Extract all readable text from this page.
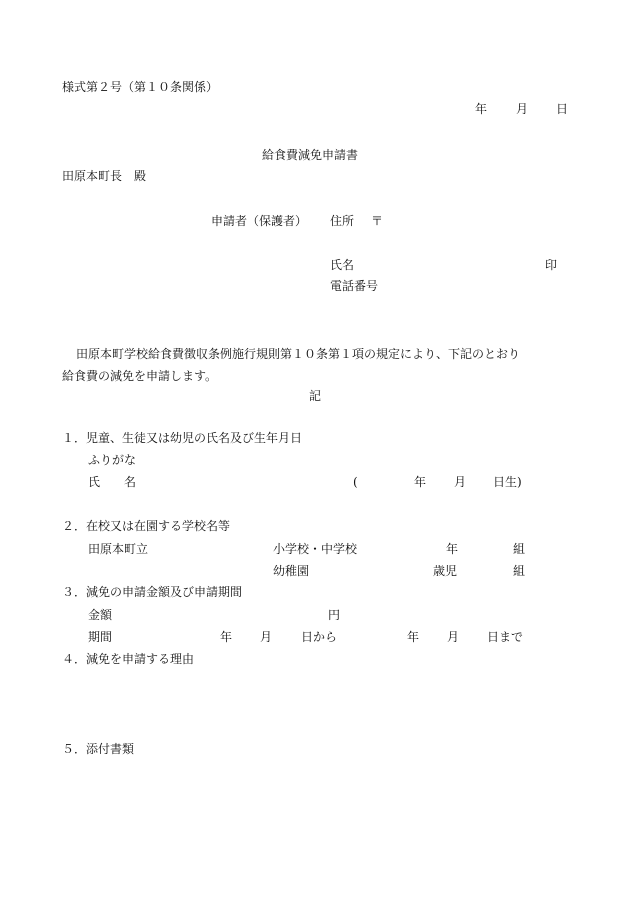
様式第２号（第１０条関係）
年 月 日
給食費減免申請書
田原本町長　殿
申請者（保護者） 住所 〒
氏名	印
電話番号
田原本町学校給食費徴収条例施行規則第１０条第１項の規定により、下記のとおり
給食費の減免を申請します。
記
１．児童、生徒又は幼児の氏名及び生年月日
ふりがな
氏　　名	(	年 月 日生)
２．在校又は在園する学校名等
田原本町立	小学校・中学校	年	組
幼稚園	歳児	組
３．減免の申請金額及び申請期間
金額	円
期間	年 月 日から	年 月 日まで
４．減免を申請する理由
５．添付書類
